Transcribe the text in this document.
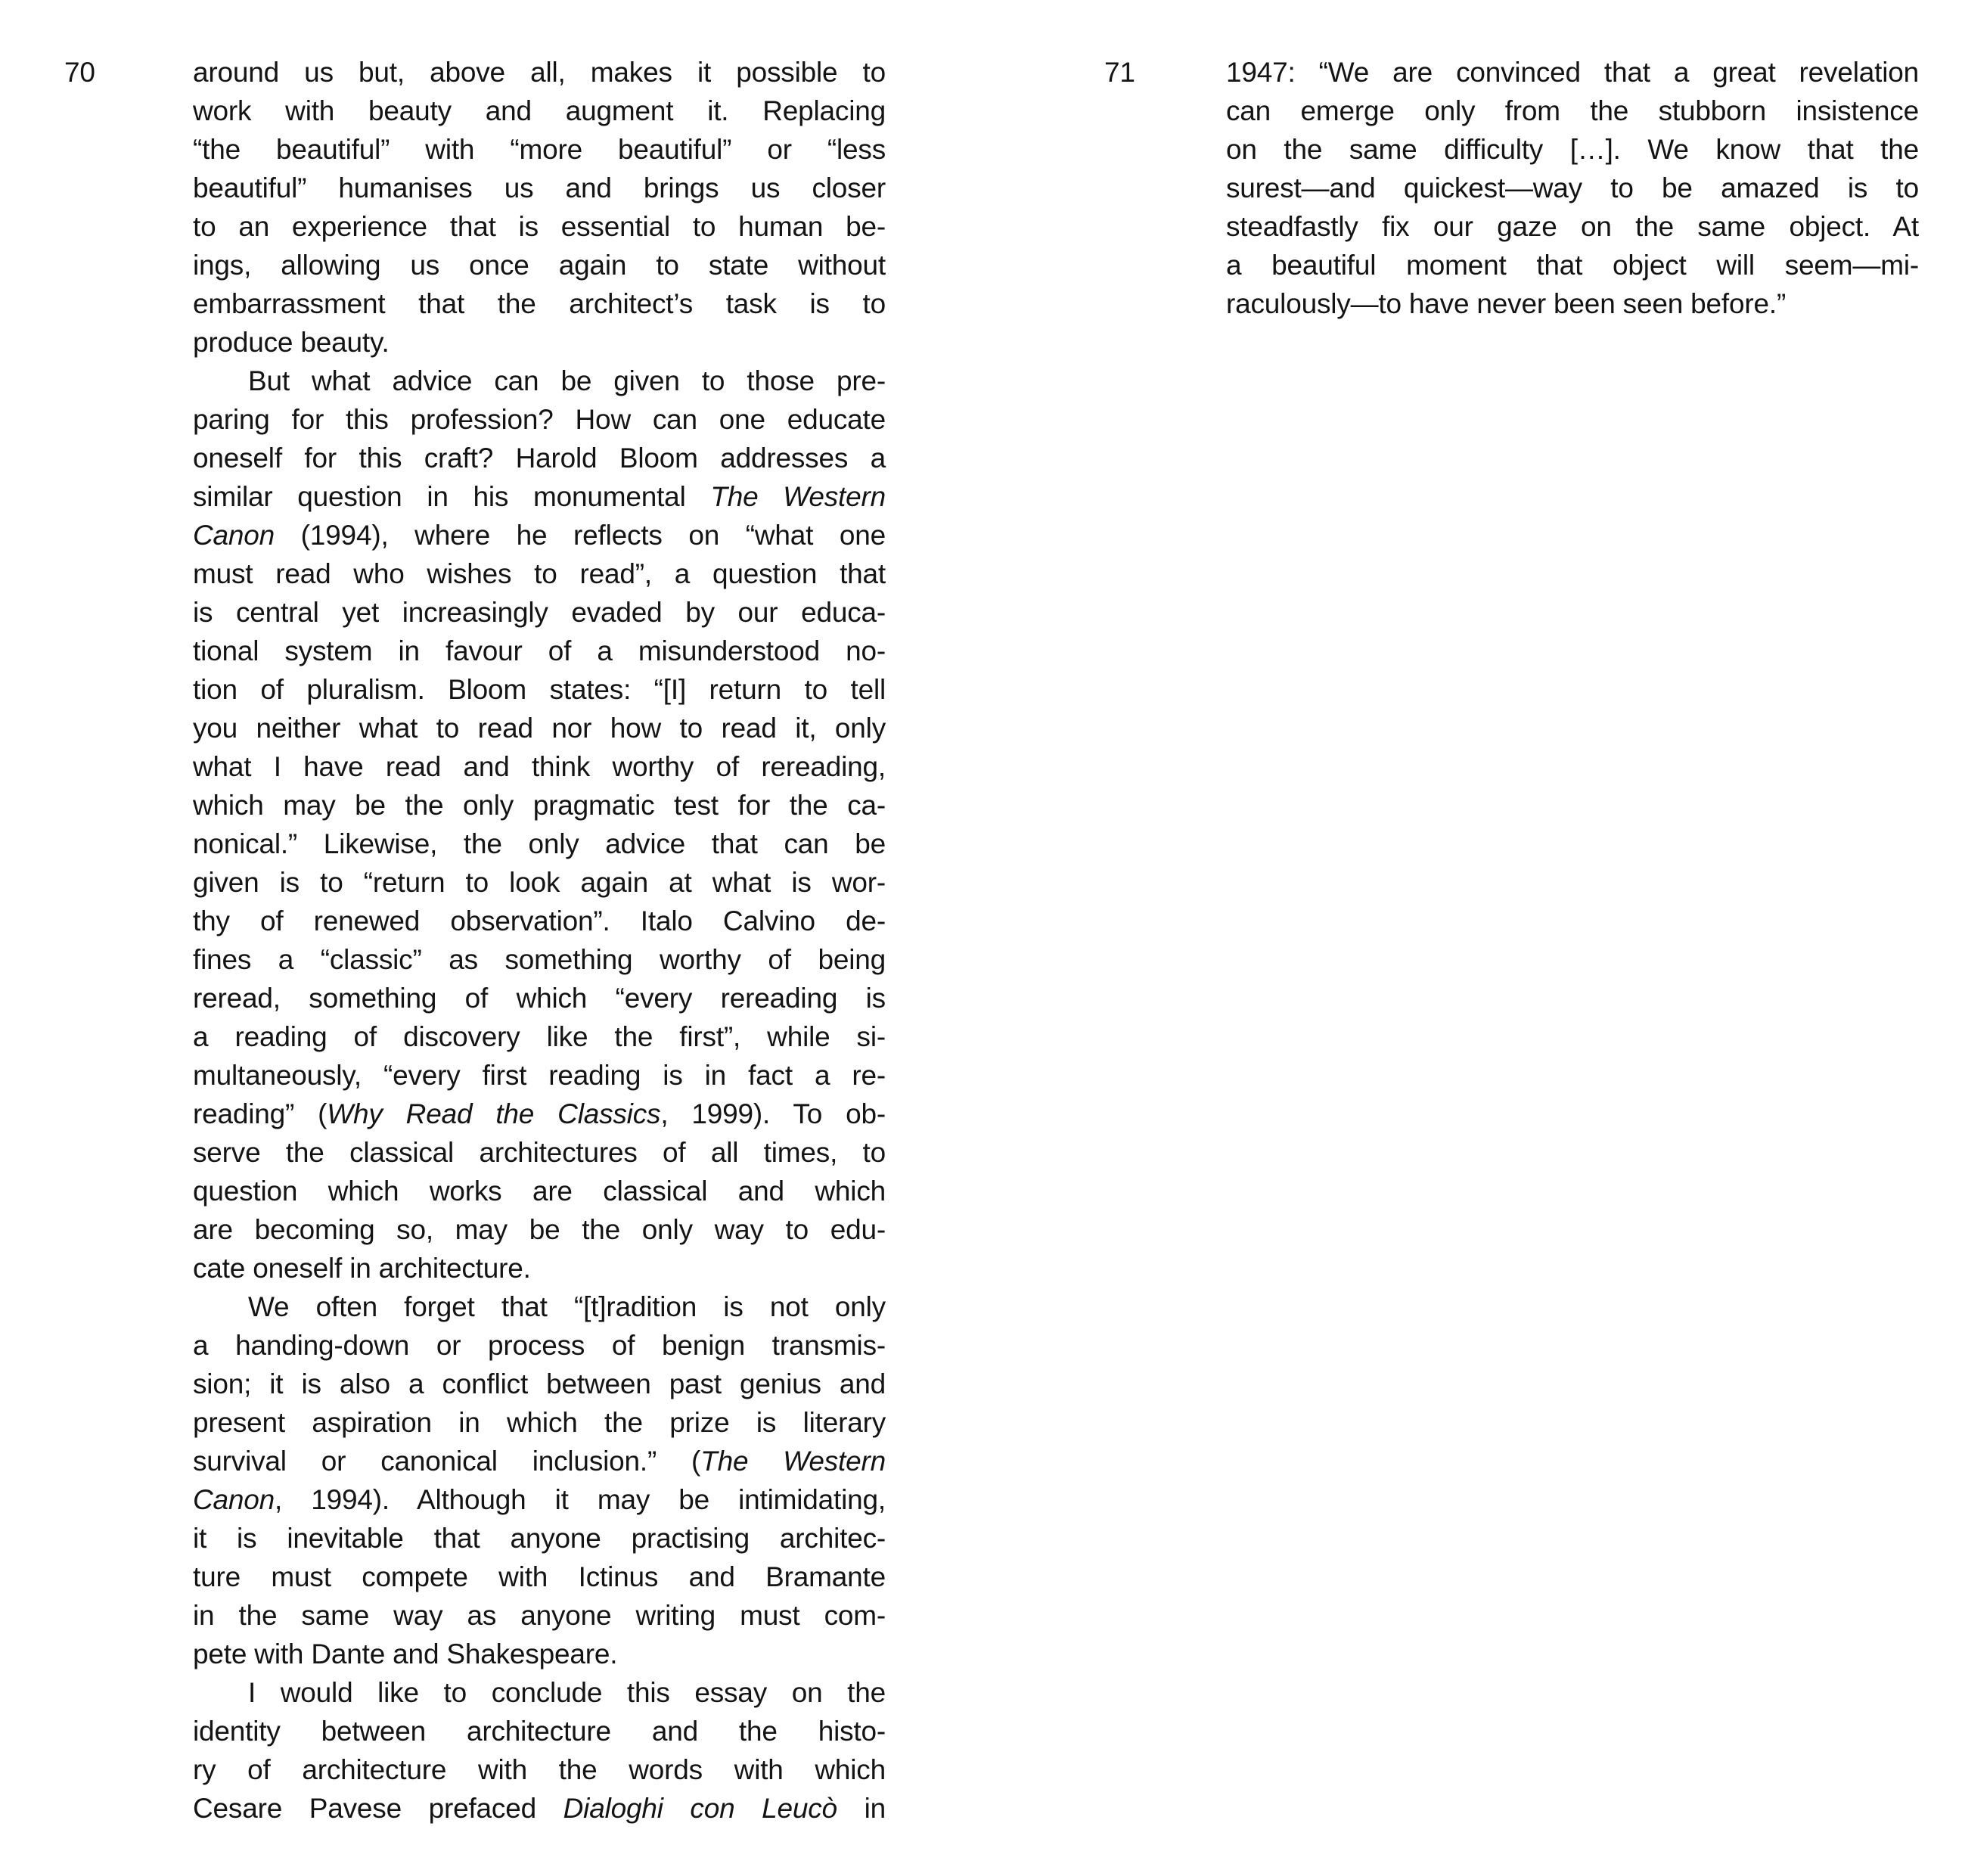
70	around us but, above all, makes it possible to
work with beauty and augment it. Replacing
“the beautiful” with “more beautiful” or “less
beautiful” humanises us and brings us closer
to an experience that is essential to human be-
ings, allowing us once again to state without
embarrassment that the architect’s task is to
produce beauty.
But what advice can be given to those pre-
paring for this profession? How can one educate
oneself for this craft? Harold Bloom addresses a
similar question in his monumental The Western
Canon (1994), where he reflects on “what one
must read who wishes to read”, a question that
is central yet increasingly evaded by our educa-
tional system in favour of a misunderstood no-
tion of pluralism. Bloom states: “[I] return to tell
you neither what to read nor how to read it, only
what I have read and think worthy of rereading,
which may be the only pragmatic test for the ca-
nonical.” Likewise, the only advice that can be
given is to “return to look again at what is wor-
thy of renewed observation”. Italo Calvino de-
fines a “classic” as something worthy of being
reread, something of which “every rereading is
a reading of discovery like the first”, while si-
multaneously, “every first reading is in fact a re-
reading” (Why Read the Classics, 1999). To ob-
serve the classical architectures of all times, to
question which works are classical and which
are becoming so, may be the only way to edu-
cate oneself in architecture.
We often forget that “[t]radition is not only
a handing-down or process of benign transmis-
sion; it is also a conflict between past genius and
present aspiration in which the prize is literary
survival or canonical inclusion.” (The Western
Canon, 1994). Although it may be intimidating,
it is inevitable that anyone practising architec-
ture must compete with Ictinus and Bramante
in the same way as anyone writing must com-
pete with Dante and Shakespeare.
I would like to conclude this essay on the
identity between architecture and the histo-
ry of architecture with the words with which
Cesare Pavese prefaced Dialoghi con Leucò in
71	1947: “We are convinced that a great revelation
can emerge only from the stubborn insistence
on the same difficulty […]. We know that the
surest—and quickest—way to be amazed is to
steadfastly fix our gaze on the same object. At
a beautiful moment that object will seem—mi-
raculously—to have never been seen before.”
